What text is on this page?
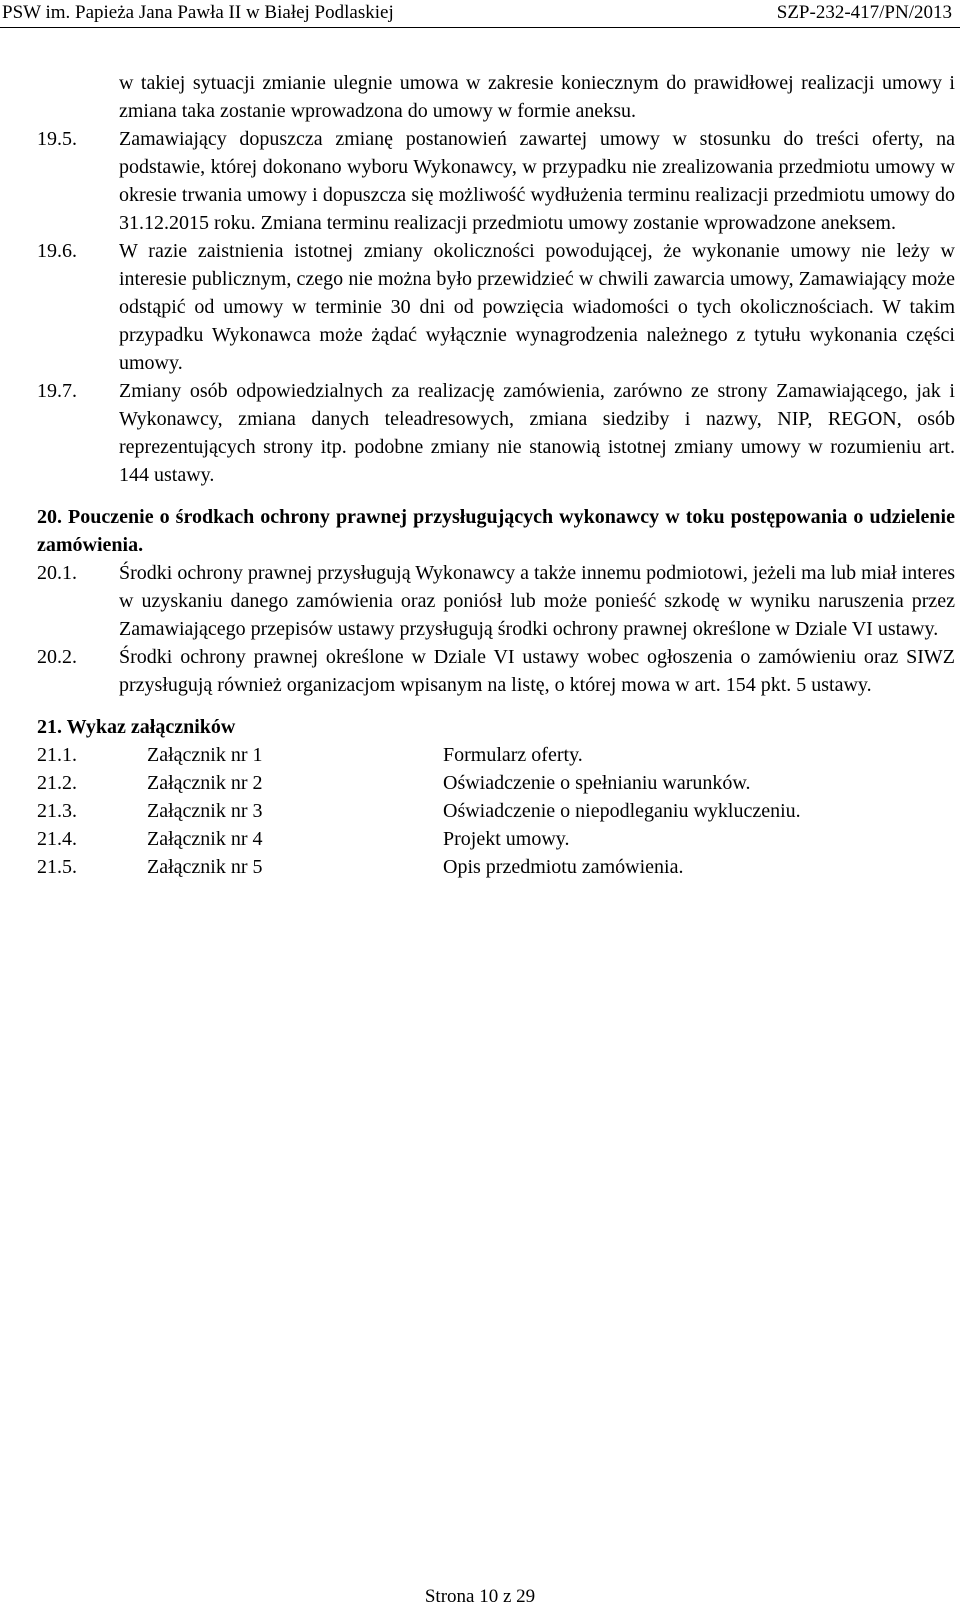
PSW im. Papieża Jana Pawła II w Białej Podlaskiej	SZP-232-417/PN/2013
w takiej sytuacji zmianie ulegnie umowa w zakresie koniecznym do prawidłowej realizacji umowy i zmiana taka zostanie wprowadzona do umowy w formie aneksu.
19.5.	Zamawiający dopuszcza zmianę postanowień zawartej umowy w stosunku do treści oferty, na podstawie, której dokonano wyboru Wykonawcy, w przypadku nie zrealizowania przedmiotu umowy w okresie trwania umowy i dopuszcza się możliwość wydłużenia terminu realizacji przedmiotu umowy do 31.12.2015 roku. Zmiana terminu realizacji przedmiotu umowy zostanie wprowadzone aneksem.
19.6.	W razie zaistnienia istotnej zmiany okoliczności powodującej, że wykonanie umowy nie leży w interesie publicznym, czego nie można było przewidzieć w chwili zawarcia umowy, Zamawiający może odstąpić od umowy w terminie 30 dni od powzięcia wiadomości o tych okolicznościach. W takim przypadku Wykonawca może żądać wyłącznie wynagrodzenia należnego z tytułu wykonania części umowy.
19.7.	Zmiany osób odpowiedzialnych za realizację zamówienia, zarówno ze strony Zamawiającego, jak i Wykonawcy, zmiana danych teleadresowych, zmiana siedziby i nazwy, NIP, REGON, osób reprezentujących strony itp. podobne zmiany nie stanowią istotnej zmiany umowy w rozumieniu art. 144 ustawy.
20. Pouczenie o środkach ochrony prawnej przysługujących wykonawcy w toku postępowania o udzielenie zamówienia.
20.1.	Środki ochrony prawnej przysługują Wykonawcy a także innemu podmiotowi, jeżeli ma lub miał interes w uzyskaniu danego zamówienia oraz poniósł lub może ponieść szkodę w wyniku naruszenia przez Zamawiającego przepisów ustawy przysługują środki ochrony prawnej określone w Dziale VI ustawy.
20.2.	Środki ochrony prawnej określone w Dziale VI ustawy wobec ogłoszenia o zamówieniu oraz SIWZ przysługują również organizacjom wpisanym na listę, o której mowa w art. 154 pkt. 5 ustawy.
21. Wykaz załączników
21.1.	Załącznik nr 1	Formularz oferty.
21.2.	Załącznik nr 2	Oświadczenie o spełnianiu warunków.
21.3.	Załącznik nr 3	Oświadczenie o niepodleganiu wykluczeniu.
21.4.	Załącznik nr 4	Projekt umowy.
21.5.	Załącznik nr 5	Opis przedmiotu zamówienia.
Strona 10 z 29
